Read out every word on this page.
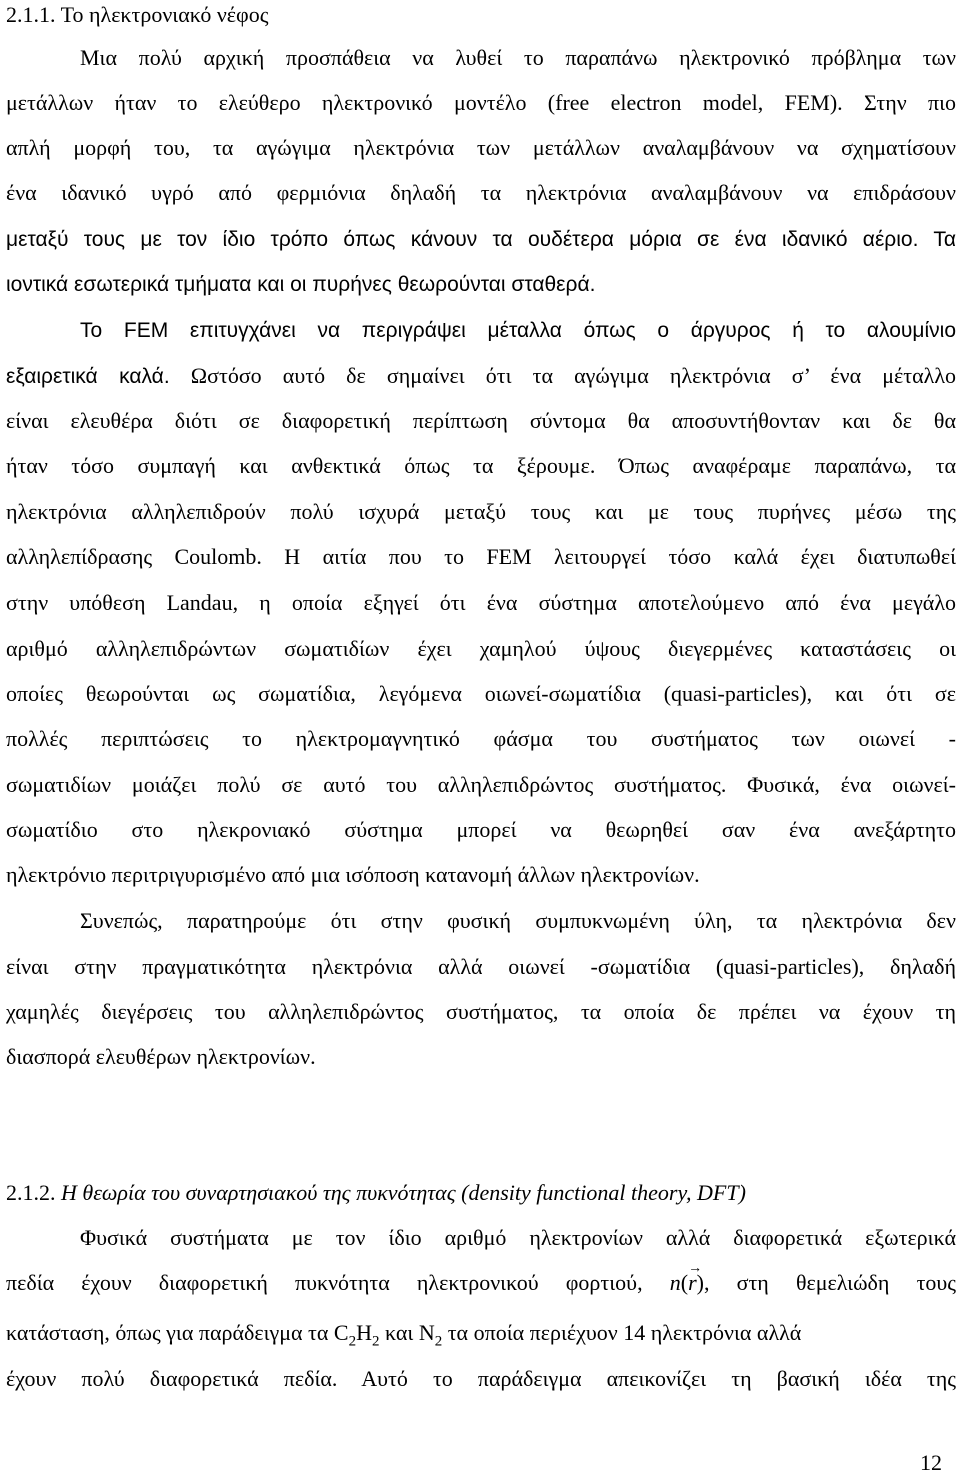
2.1.1. Το ηλεκτρονιακό νέφος
Μια πολύ αρχική προσπάθεια να λυθεί το παραπάνω ηλεκτρονικό πρόβλημα των
μετάλλων ήταν το ελεύθερο ηλεκτρονικό μοντέλο (free electron model, FEM). Στην πιο
απλή μορφή του, τα αγώγιμα ηλεκτρόνια των μετάλλων αναλαμβάνουν να σχηματίσουν
ένα ιδανικό υγρό από φερμιόνια δηλαδή τα ηλεκτρόνια αναλαμβάνουν να επιδράσουν
μεταξύ τους με τον ίδιο τρόπο όπως κάνουν τα ουδέτερα μόρια σε ένα ιδανικό αέριο. Τα
ιοντικά εσωτερικά τμήματα και οι πυρήνες θεωρούνται σταθερά.
Το FEM επιτυγχάνει να περιγράψει μέταλλα όπως ο άργυρος ή το αλουμίνιο
εξαιρετικά καλά. Ωστόσο αυτό δε σημαίνει ότι τα αγώγιμα ηλεκτρόνια σ’ ένα μέταλλο
είναι ελευθέρα διότι σε διαφορετική περίπτωση σύντομα θα αποσυντήθονταν και δε θα
ήταν τόσο συμπαγή και ανθεκτικά όπως τα ξέρουμε. Όπως αναφέραμε παραπάνω, τα
ηλεκτρόνια αλληλεπιδρούν πολύ ισχυρά μεταξύ τους και με τους πυρήνες μέσω της
αλληλεπίδρασης Coulomb. Η αιτία που το FEM λειτουργεί τόσο καλά έχει διατυπωθεί
στην υπόθεση Landau, η οποία εξηγεί ότι ένα σύστημα αποτελούμενο από ένα μεγάλο
αριθμό αλληλεπιδρώντων σωματιδίων έχει χαμηλού ύψους διεγερμένες καταστάσεις οι
οποίες θεωρούνται ως σωματίδια, λεγόμενα οιωνεί-σωματίδια (quasi-particles), και ότι σε
πολλές περιπτώσεις το ηλεκτρομαγνητικό φάσμα του συστήματος των οιωνεί -
σωματιδίων μοιάζει πολύ σε αυτό του αλληλεπιδρώντος συστήματος. Φυσικά, ένα οιωνεί-
σωματίδιο στο ηλεκρονιακό σύστημα μπορεί να θεωρηθεί σαν ένα ανεξάρτητο
ηλεκτρόνιο περιτριγυρισμένο από μια ισόποση κατανομή άλλων ηλεκτρονίων.
Συνεπώς, παρατηρούμε ότι στην φυσική συμπυκνωμένη ύλη, τα ηλεκτρόνια δεν
είναι στην πραγματικότητα ηλεκτρόνια αλλά οιωνεί -σωματίδια (quasi-particles), δηλαδή
χαμηλές διεγέρσεις του αλληλεπιδρώντος συστήματος, τα οποία δε πρέπει να έχουν τη
διασπορά ελευθέρων ηλεκτρονίων.
2.1.2. Η θεωρία του συναρτησιακού της πυκνότητας (density functional theory, DFT)
Φυσικά συστήματα με τον ίδιο αριθμό ηλεκτρονίων αλλά διαφορετικά εξωτερικά
πεδία έχουν διαφορετική πυκνότητα ηλεκτρονικού φορτιού, n(→ r), στη θεμελιώδη τους
κατάσταση, όπως για παράδειγμα τα $C_2H_2$ και $N_2$ τα οποία περιέχυον 14 ηλεκτρόνια αλλά
έχουν πολύ διαφορετικά πεδία. Αυτό το παράδειγμα απεικονίζει τη βασική ιδέα της
12
